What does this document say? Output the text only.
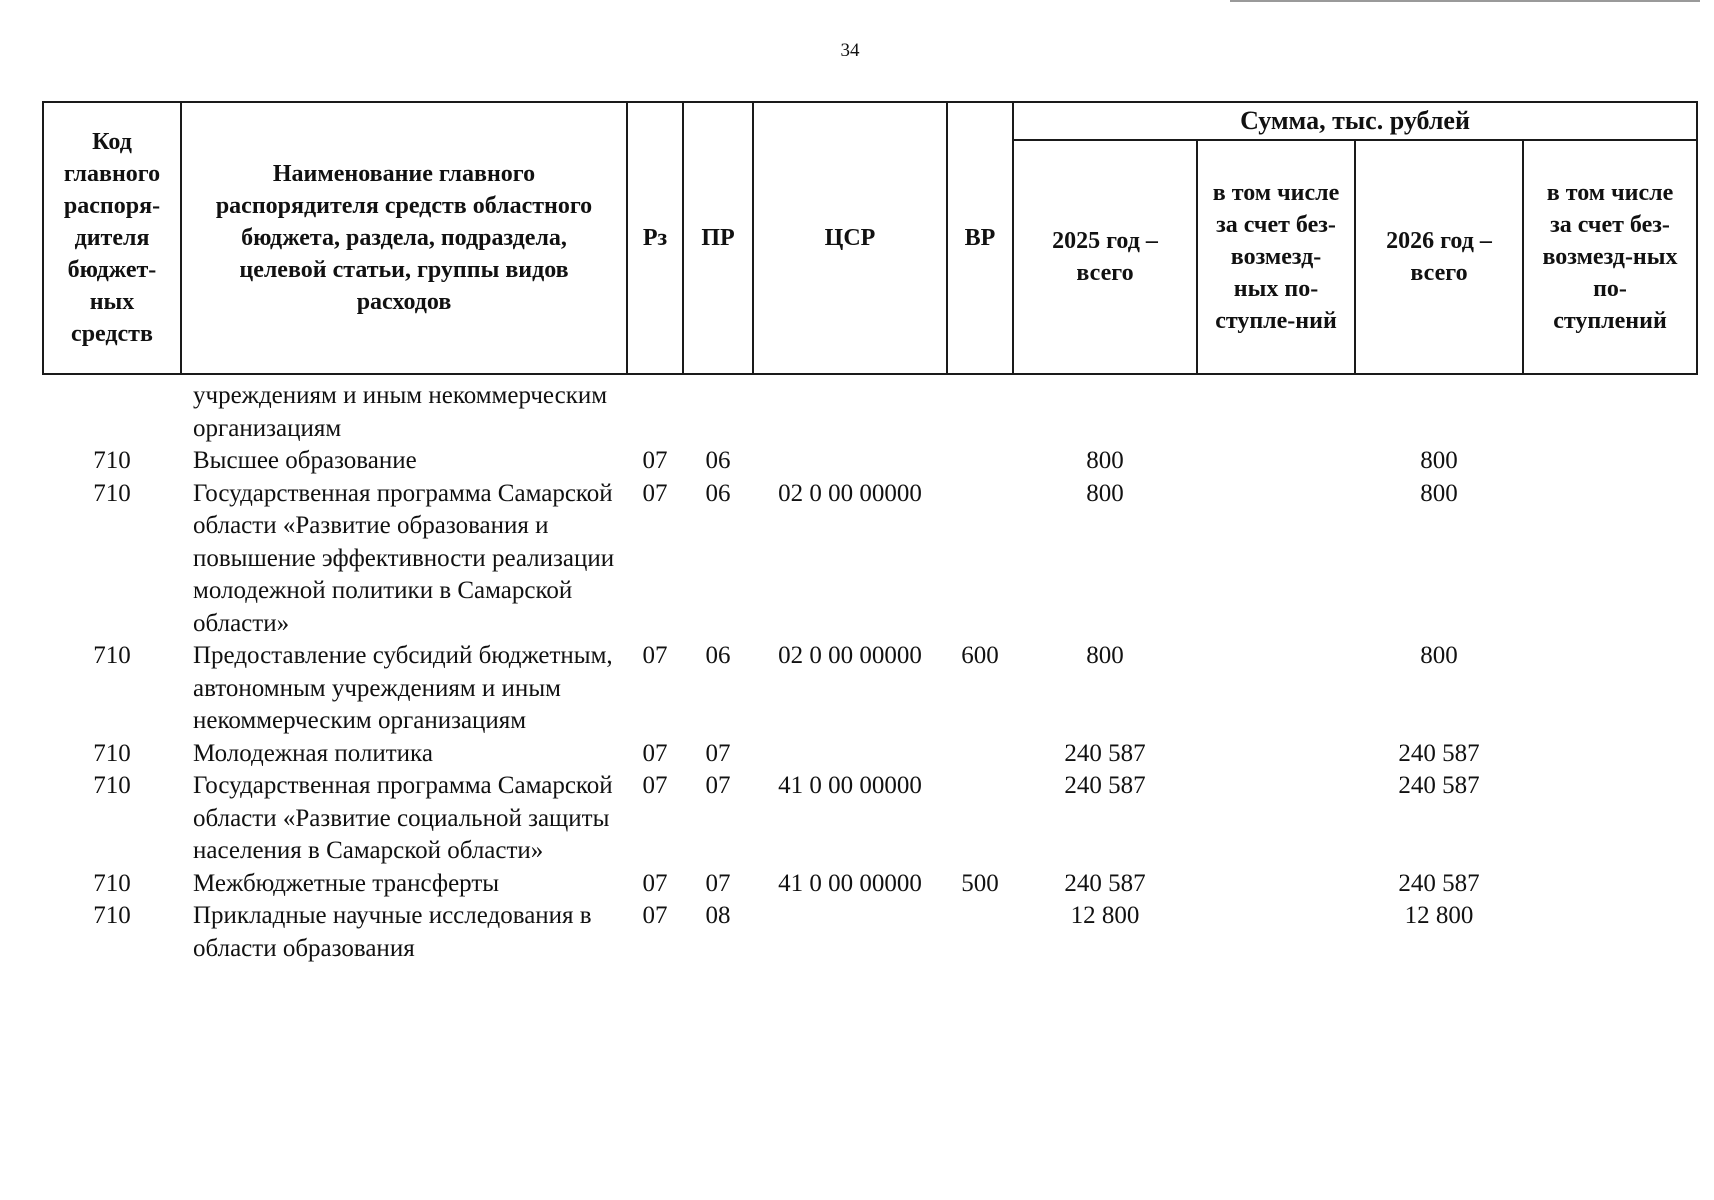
34
Код главного распоря-дителя бюджет-ных средств	Наименование главного распорядителя средств областного бюджета, раздела, подраздела, целевой статьи, группы видов расходов	Рз	ПР	ЦСР	ВР	Сумма, тыс. рублей			
						2025 год – всего	в том числе за счет без-возмезд-ных по-ступле-ний	2026 год – всего	в том числе за счет без-возмезд-ных по-ступлений
	учреждениям и иным некоммерческим организациям								
710	Высшее образование	07	06			800		800	
710	Государственная программа Самарской области «Развитие образования и повышение эффективности реализации молодежной политики в Самарской области»	07	06	02 0 00 00000		800		800	
710	Предоставление субсидий бюджетным, автономным учреждениям и иным некоммерческим организациям	07	06	02 0 00 00000	600	800		800	
710	Молодежная политика	07	07			240 587		240 587	
710	Государственная программа Самарской области «Развитие социальной защиты населения в Самарской области»	07	07	41 0 00 00000		240 587		240 587	
710	Межбюджетные трансферты	07	07	41 0 00 00000	500	240 587		240 587	
710	Прикладные научные исследования в области образования	07	08			12 800		12 800	
